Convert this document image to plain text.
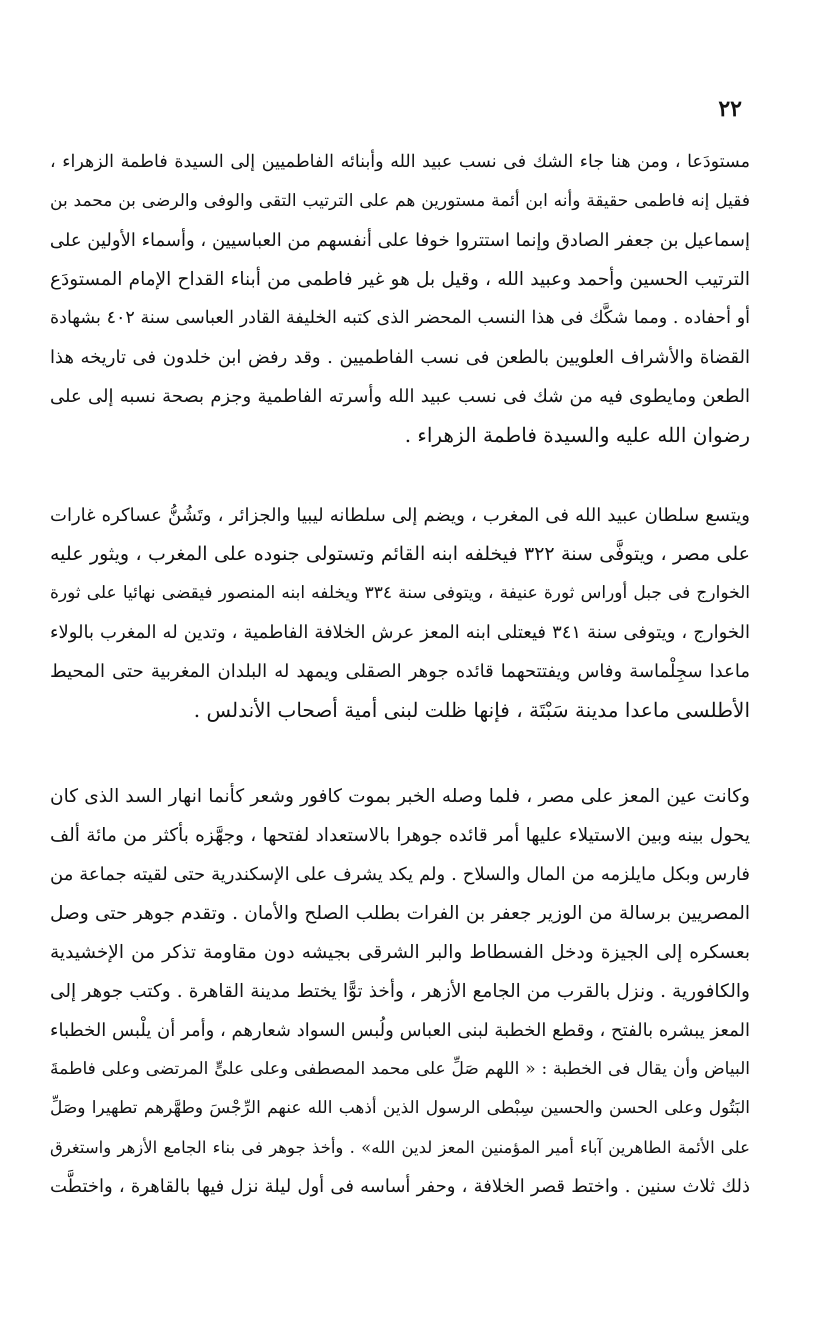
٢٢
مستودَعا ، ومن هنا جاء الشك فى نسب عبيد الله وأبنائه الفاطميين إلى السيدة فاطمة الزهراء ،
فقيل إنه فاطمى حقيقة وأنه ابن أئمة مستورين هم على الترتيب التقى والوفى والرضى بن محمد بن
إسماعيل بن جعفر الصادق وإنما استتروا خوفا على أنفسهم من العباسيين ، وأسماء الأولين على
الترتيب الحسين وأحمد وعبيد الله ، وقيل بل هو غير فاطمى من أبناء القداح الإمام المستودَع
أو أحفاده . ومما شكَّك فى هذا النسب المحضر الذى كتبه الخليفة القادر العباسى سنة ٤٠٢ بشهادة
القضاة والأشراف العلويين بالطعن فى نسب الفاطميين . وقد رفض ابن خلدون فى تاريخه هذا
الطعن ومايطوى فيه من شك فى نسب عبيد الله وأسرته الفاطمية وجزم بصحة نسبه إلى على
رضوان الله عليه والسيدة فاطمة الزهراء .
ويتسع سلطان عبيد الله فى المغرب ، ويضم إلى سلطانه ليبيا والجزائر ، وتَشُنُّ عساكره غارات
على مصر ، ويتوفَّى سنة ٣٢٢ فيخلفه ابنه القائم وتستولى جنوده على المغرب ، ويثور عليه
الخوارج فى جبل أوراس ثورة عنيفة ، ويتوفى سنة ٣٣٤ ويخلفه ابنه المنصور فيقضى نهائيا على ثورة
الخوارج ، ويتوفى سنة ٣٤١ فيعتلى ابنه المعز عرش الخلافة الفاطمية ، وتدين له المغرب بالولاء
ماعدا سجِلْماسة وفاس ويفتتحهما قائده جوهر الصقلى ويمهد له البلدان المغربية حتى المحيط
الأطلسى ماعدا مدينة سَبْتَة ، فإنها ظلت لبنى أمية أصحاب الأندلس .
وكانت عين المعز على مصر ، فلما وصله الخبر بموت كافور وشعر كأنما انهار السد الذى كان
يحول بينه وبين الاستيلاء عليها أمر قائده جوهرا بالاستعداد لفتحها ، وجهَّزه بأكثر من مائة ألف
فارس وبكل مايلزمه من المال والسلاح . ولم يكد يشرف على الإسكندرية حتى لقيته جماعة من
المصريين برسالة من الوزير جعفر بن الفرات بطلب الصلح والأمان . وتقدم جوهر حتى وصل
بعسكره إلى الجيزة ودخل الفسطاط والبر الشرقى بجيشه دون مقاومة تذكر من الإخشيدية
والكافورية . ونزل بالقرب من الجامع الأزهر ، وأخذ توًّا يختط مدينة القاهرة . وكتب جوهر إلى
المعز يبشره بالفتح ، وقطع الخطبة لبنى العباس ولُبس السواد شعارهم ، وأمر أن يلْبس الخطباء
البياض وأن يقال فى الخطبة : « اللهم صَلِّ على محمد المصطفى وعلى علىٍّ المرتضى وعلى فاطمةَ
البَتُول وعلى الحسن والحسين سِبْطى الرسول الذين أذهب الله عنهم الرِّجْسَ وطهَّرهم تطهيرا وصَلِّ
على الأئمة الطاهرين آباء أمير المؤمنين المعز لدين الله» . وأخذ جوهر فى بناء الجامع الأزهر واستغرق
ذلك ثلاث سنين . واختط قصر الخلافة ، وحفر أساسه فى أول ليلة نزل فيها بالقاهرة ، واختطَّت
